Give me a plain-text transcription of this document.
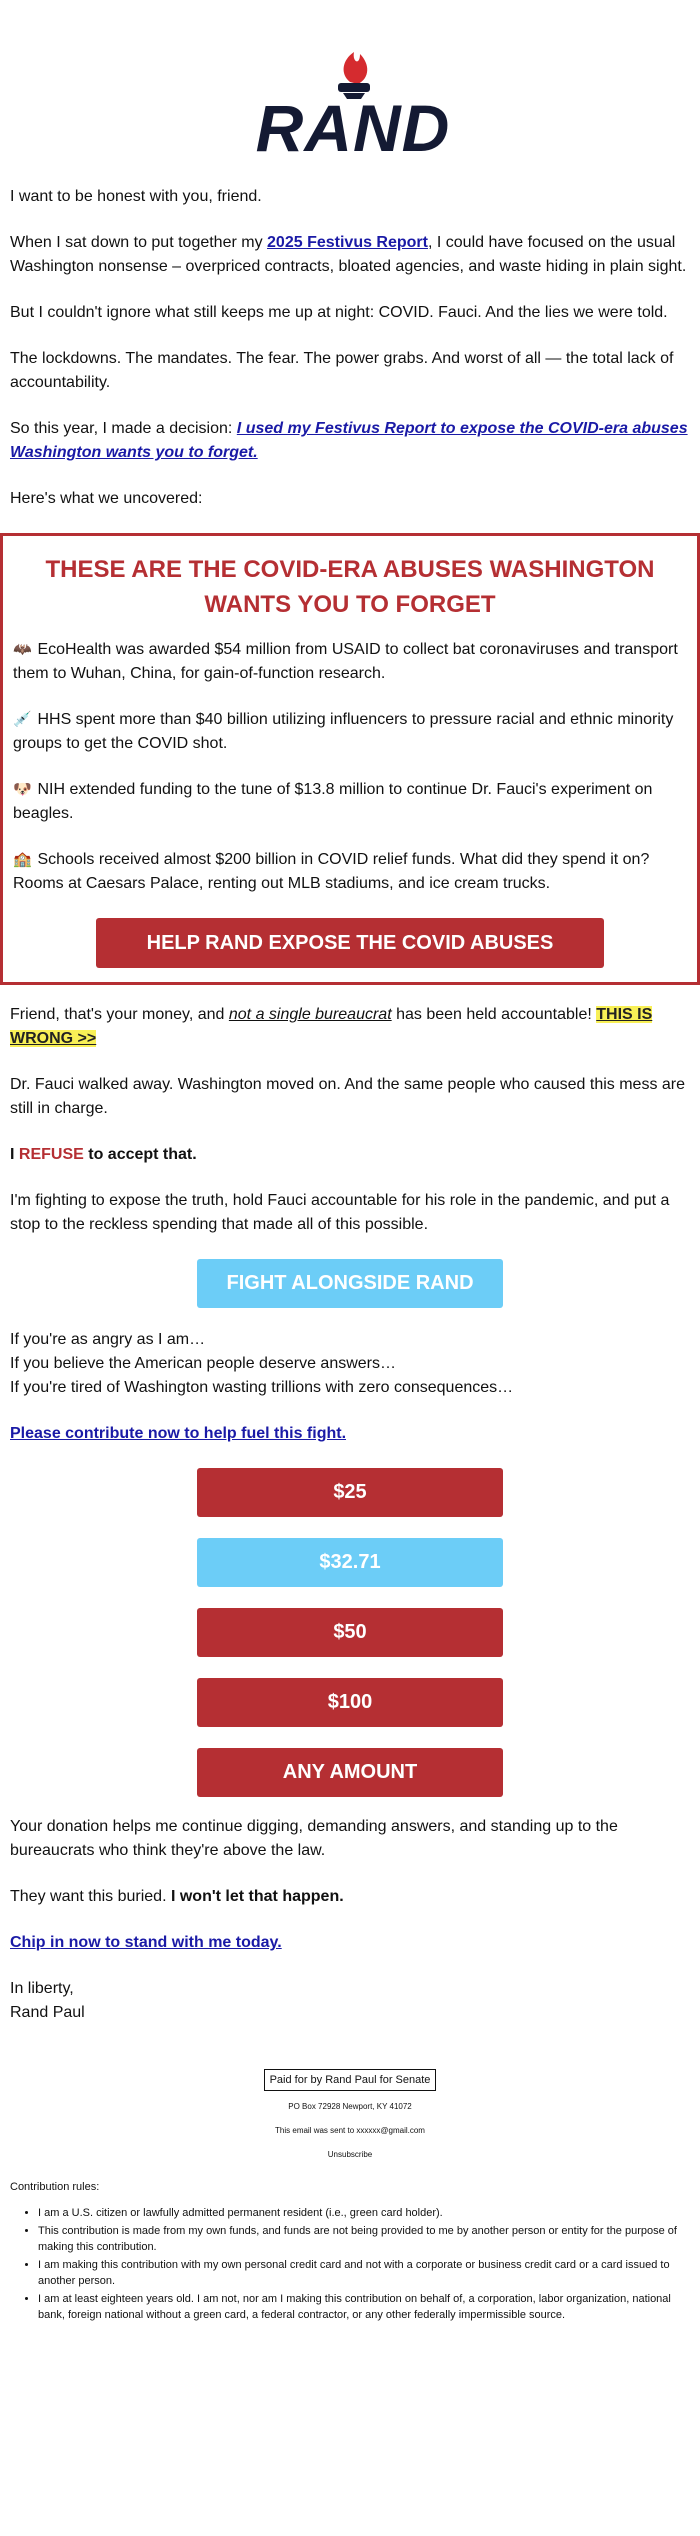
RAND

I want to be honest with you, friend.

When I sat down to put together my 2025 Festivus Report, I could have focused on the usual Washington nonsense – overpriced contracts, bloated agencies, and waste hiding in plain sight.

But I couldn't ignore what still keeps me up at night: COVID. Fauci. And the lies we were told.

The lockdowns. The mandates. The fear. The power grabs. And worst of all — the total lack of accountability.

So this year, I made a decision: I used my Festivus Report to expose the COVID-era abuses Washington wants you to forget.

Here's what we uncovered:

THESE ARE THE COVID-ERA ABUSES WASHINGTON WANTS YOU TO FORGET

🦇 EcoHealth was awarded $54 million from USAID to collect bat coronaviruses and transport them to Wuhan, China, for gain-of-function research.

💉 HHS spent more than $40 billion utilizing influencers to pressure racial and ethnic minority groups to get the COVID shot.

🐶 NIH extended funding to the tune of $13.8 million to continue Dr. Fauci's experiment on beagles.

🏫 Schools received almost $200 billion in COVID relief funds. What did they spend it on? Rooms at Caesars Palace, renting out MLB stadiums, and ice cream trucks.

HELP RAND EXPOSE THE COVID ABUSES

Friend, that's your money, and not a single bureaucrat has been held accountable! THIS IS WRONG >>

Dr. Fauci walked away. Washington moved on. And the same people who caused this mess are still in charge.

I REFUSE to accept that.

I'm fighting to expose the truth, hold Fauci accountable for his role in the pandemic, and put a stop to the reckless spending that made all of this possible.

FIGHT ALONGSIDE RAND

If you're as angry as I am…

If you believe the American people deserve answers…

If you're tired of Washington wasting trillions with zero consequences…

Please contribute now to help fuel this fight.

$25
$32.71
$50
$100
ANY AMOUNT

Your donation helps me continue digging, demanding answers, and standing up to the bureaucrats who think they're above the law.

They want this buried. I won't let that happen.

Chip in now to stand with me today.

In liberty,

Rand Paul

Paid for by Rand Paul for Senate

PO Box 72928 Newport, KY 41072

This email was sent to xxxxxx@gmail.com

Unsubscribe

Contribution rules:

• I am a U.S. citizen or lawfully admitted permanent resident (i.e., green card holder).
• This contribution is made from my own funds, and funds are not being provided to me by another person or entity for the purpose of making this contribution.
• I am making this contribution with my own personal credit card and not with a corporate or business credit card or a card issued to another person.
• I am at least eighteen years old. I am not, nor am I making this contribution on behalf of, a corporation, labor organization, national bank, foreign national without a green card, a federal contractor, or any other federally impermissible source.
